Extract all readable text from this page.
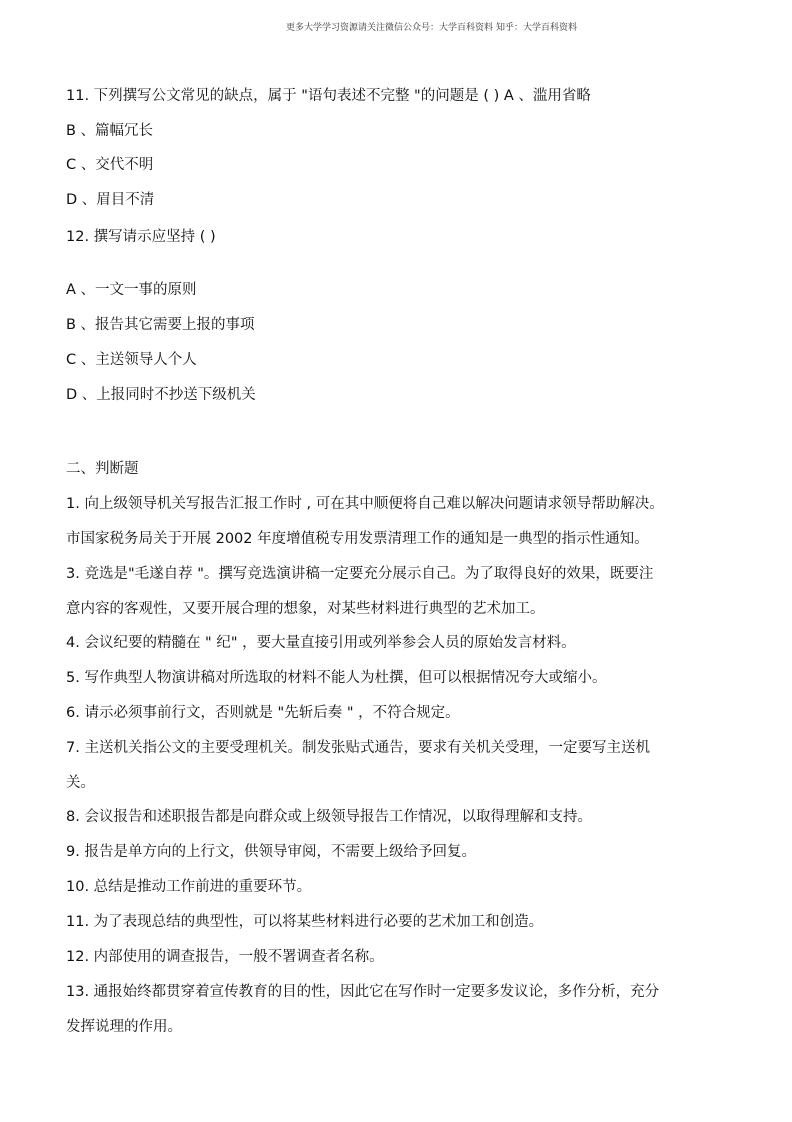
更多大学学习资源请关注微信公众号：大学百科资料 知乎：大学百科资料
11. 下列撰写公文常见的缺点，属于 "语句表述不完整 "的问题是 ( ) A 、滥用省略
B 、篇幅冗长
C 、交代不明
D 、眉目不清
12. 撰写请示应坚持 ( )
A 、一文一事的原则
B 、报告其它需要上报的事项
C 、主送领导人个人
D 、上报同时不抄送下级机关
二、判断题
1. 向上级领导机关写报告汇报工作时 , 可在其中顺便将自己难以解决问题请求领导帮助解决。
市国家税务局关于开展 2002 年度增值税专用发票清理工作的通知是一典型的指示性通知。
3. 竞选是"毛遂自荐 "。撰写竞选演讲稿一定要充分展示自己。为了取得良好的效果，既要注
意内容的客观性，又要开展合理的想象，对某些材料进行典型的艺术加工。
4. 会议纪要的精髓在 " 纪" ，要大量直接引用或列举参会人员的原始发言材料。
5. 写作典型人物演讲稿对所选取的材料不能人为杜撰，但可以根据情况夸大或缩小。
6. 请示必须事前行文，否则就是 "先斩后奏 " ，不符合规定。
7. 主送机关指公文的主要受理机关。制发张贴式通告，要求有关机关受理，一定要写主送机
关。
8. 会议报告和述职报告都是向群众或上级领导报告工作情况，以取得理解和支持。
9. 报告是单方向的上行文，供领导审阅，不需要上级给予回复。
10. 总结是推动工作前进的重要环节。
11. 为了表现总结的典型性，可以将某些材料进行必要的艺术加工和创造。
12. 内部使用的调查报告，一般不署调查者名称。
13. 通报始终都贯穿着宣传教育的目的性，因此它在写作时一定要多发议论，多作分析，充分
发挥说理的作用。
